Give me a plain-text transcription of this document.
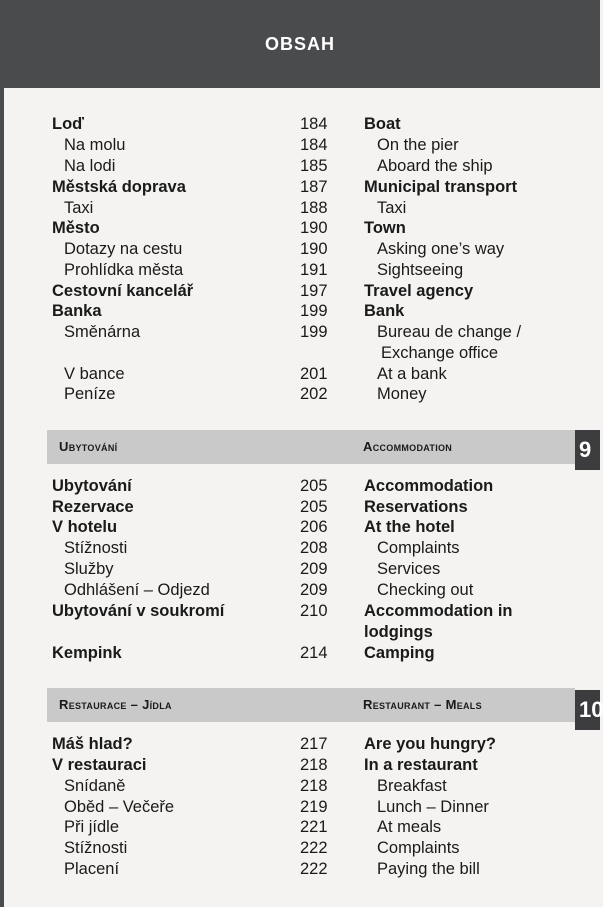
OBSAH
Loď	184 Boat
Na molu	184	On the pier
Na lodi	185	Aboard the ship
Městská doprava	187 Municipal transport
Taxi	188	Taxi
Město	190 Town
Dotazy na cestu	190	Asking one’s way
Prohlídka města	191	Sightseeing
Cestovní kancelář	197 Travel agency
Banka	199 Bank
Směnárna	199	Bureau de change /
Exchange office
V bance	201	At a bank
Peníze	202	Money
Ubytování	Accommodation	9
Ubytování	205 Accommodation
Rezervace	205 Reservations
V hotelu	206 At the hotel
Stížnosti	208	Complaints
Služby	209	Services
Odhlášení – Odjezd	209	Checking out
Ubytování v soukromí	210 Accommodation in
lodgings
Kempink	214 Camping
Restaurace – Jídla	Restaurant – Meals	10
Máš hlad?	217 Are you hungry?
V restauraci	218 In a restaurant
Snídaně	218	Breakfast
Oběd – Večeře	219	Lunch – Dinner
Při jídle	221	At meals
Stížnosti	222	Complaints
Placení	222	Paying the bill
